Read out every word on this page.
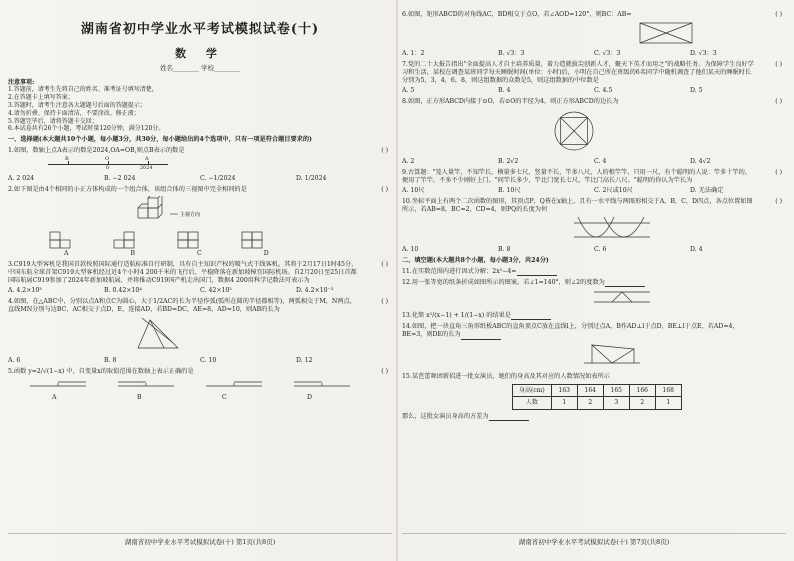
湖南省初中学业水平考试模拟试卷(十)

数 学

姓名________ 学校________

注意事项:

1.答题前，请考生先将自己的姓名、准考证号填写清楚，

2.在答题卡上填写答案；

3.答题时，请考生注意各大题题号后面的答题提示；

4.请勿折叠、保持卡面清洁，不要涂改、修正液；

5.答题完毕后，请将答题卡交回；

6.本试卷共有26个小题，考试时量120分钟，满分120分。

一、选择题(本大题共10个小题，每小题3分，共30分，每小题给出的4个选项中，只有一项是符合题目要求的)

1.如图，数轴上点A表示的数是2024,OA=OB,则点B表示的数是	( )
B	O	A
0	2024
A. 2 024	B. −2 024	C. −1/2024	D. 1/2024

2.如下图是由4个相同的小正方体构成的一个组合体，该组合体的三视图中完全相同的是	( )
主视方向
A	B	C	D

3.C919大型客机是我国首款按照国际通行适航标准自行研制，具有自主知识产权的喷气式干线客机。其将于2月17日1时45分，中国东航全球首架C919大型客机经过近4个小时4 200千米的飞行后，平稳降落在新加坡樟宜国际机场。自2月20日至25日首都国际航展C919参加了2024年新加坡航展，并将推动C919国产机走出国门，数据4 200用科学记数法可表示为

( )
A. 4.2×10³	B. 0.42×10⁴	C. 42×10²	D. 4.2×10⁻³

4.如图，在△ABC中，分别以点A和点C为圆心，大于1/2AC的长为半径作弧(弧所在圆的半径都相等)，两弧相交于M，N两点，直线MN分别与边BC，AC相交于点D，E，连接AD，若BD=DC，AE=8，AD=10，则AB的长为

( )
A. 6	B. 8	C. 10	D. 12

5.函数 y=2/√(1−x) 中，自变量x的取值范围在数轴上表示正确的是	( )
A	B	C	D
湖南省初中学业水平考试模拟试卷(十) 第1页(共8页)

6.如图，矩形ABCD的对角线AC，BD相交于点O，若∠AOD=120°，则BC：AB=	( )
A. 1：2	B. √3：3	C. √3：3	D. √3：3

7.党的二十大报告指出"全面提高人才自主培养质量，着力造就拔尖创新人才，聚天下英才而用之"的战略任务。为保障学生良好学习和生活，某校在调查某班同学每天睡眠时间(单位：小时)后，小明在自己所在班级的6名同学中随机调查了他们某天的睡眠时长分别为5，3，4，6，8，则这组数据的众数是5，则这组数据的中位数是

( )
A. 5	B. 4	C. 4.5	D. 5

8.如图，正方形ABCD内接于⊙O，若⊙O的半径为4，则正方形ABCD的边长为	( )
A. 2	B. 2√2	C. 4	D. 4√2

9.古算题："笼人量竿，不知竿长，横量多七尺，竖量不长，竿多八尺，人的根竿竿，只用一尺，有个聪明的人说：竿多十竿的，便用了竿竿，不多不少刚好上门。"问竿长多少，竿比门宽长七尺，竿比门高长八尺。"聪明的你认为竿长为

( )
A. 10尺	B. 10尺	C. 2尺或10尺	D. 无法确定

10.坐标平面上有两个二次函数的图形，其顶点P，Q皆在x轴上，且有一水平线与两图形相交于A，B，C，D四点，各点位置如图所示，若AB=8，BC=2，CD=4，则PQ的长度为何

( )
A. 10	B. 8	C. 6	D. 4

二、填空题(本大题共8个小题，每小题3分，共24分)

11.在实数范围内进行因式分解：2x²−4=
12.用一张等宽的纸条折成如图所示的图案，若∠1=140°，则∠2的度数为
13.化简 x²/(x−1) + 1/(1−x) 的结果是
14.如图，把一块直角三角形纸板ABC的直角顶点C放在直线l上，分别过点A，B作AD⊥l于点D，BE⊥l于点E，若AD=4，BE=3，则DE的长为
15.某芭蕾舞团新招进一批女演员，她们的身高及其对应的人数情况如表所示
身高(cm)	163	164	165	166	168
人数	1	2	3	2	1
那么，这批女演员身高的方差为
湖南省初中学业水平考试模拟试卷(十) 第7页(共8页)
